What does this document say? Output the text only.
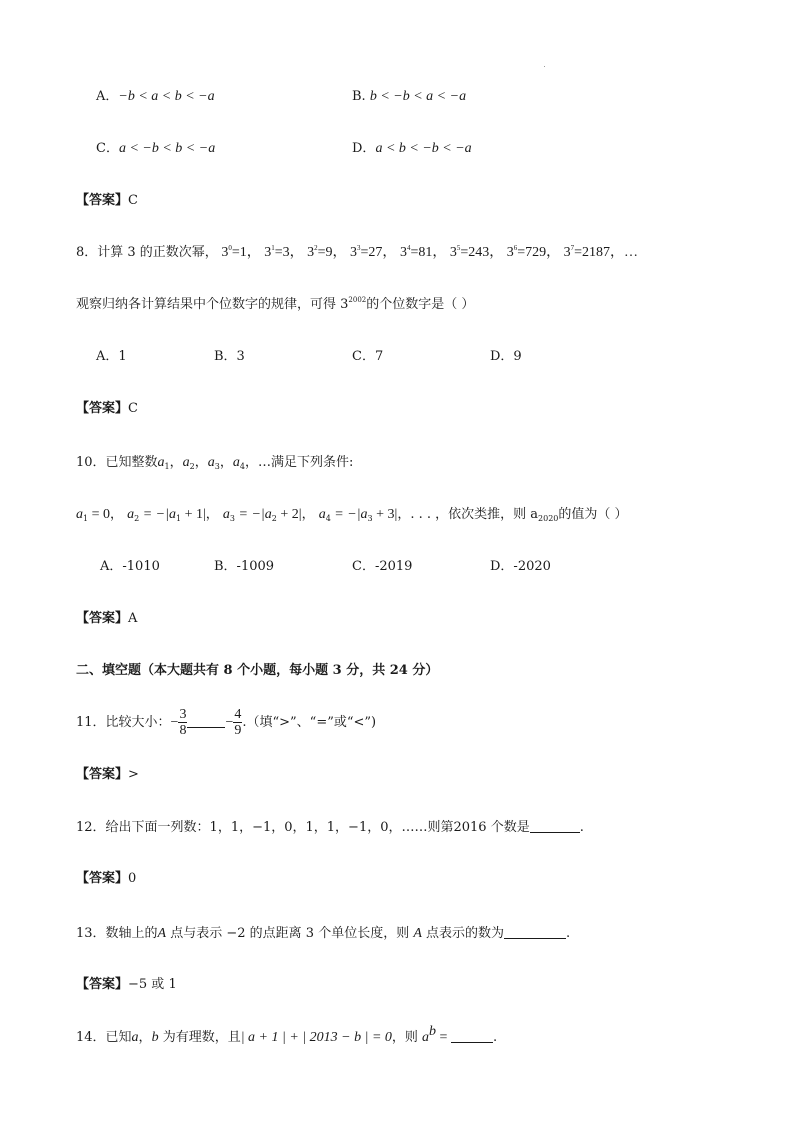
A．−b < a < b < −a	B. b < −b < a < −a
C．a < −b < b < −a	D．a < b < −b < −a
【答案】C
8．计算 3 的正数次幂， $3^0=1$， $3^1=3$， $3^2=9$， $3^3=27$， $3^4=81$， $3^5=243$， $3^6=729$， $3^7=2187$，…
观察归纳各计算结果中个位数字的规律，可得 $3^{2002}$的个位数字是（ ）
A．1	B．3	C．7	D．9
【答案】C
10．已知整数$a_1$，$a_2$，$a_3$，$a_4$，…满足下列条件:
$a_1 = 0$， $a_2 = -|a_1 + 1|$， $a_3 = -|a_2 + 2|$， $a_4 = -|a_3 + 3|$，. . . ，依次类推，则 $a_{2020}$的值为（ ）
A．-1010	B．-1009	C．-2019	D．-2020
【答案】A
二、填空题（本大题共有 8 个小题，每小题 3 分，共 24 分）
11．比较大小：− $\frac{3}{8}$	− $\frac{4}{9}$ .（填“>”、“=”或“<”)
【答案】>
12．给出下面一列数：1，1，−1，0，1，1，−1，0，……则第2016 个数是	.
【答案】0
13．数轴上的A 点与表示 −2 的点距离 3 个单位长度，则 A 点表示的数为	.
【答案】−5 或 1
14．已知a，b 为有理数，且| a + 1 | + | 2013 − b | = 0，则 $a^b$ =	.
